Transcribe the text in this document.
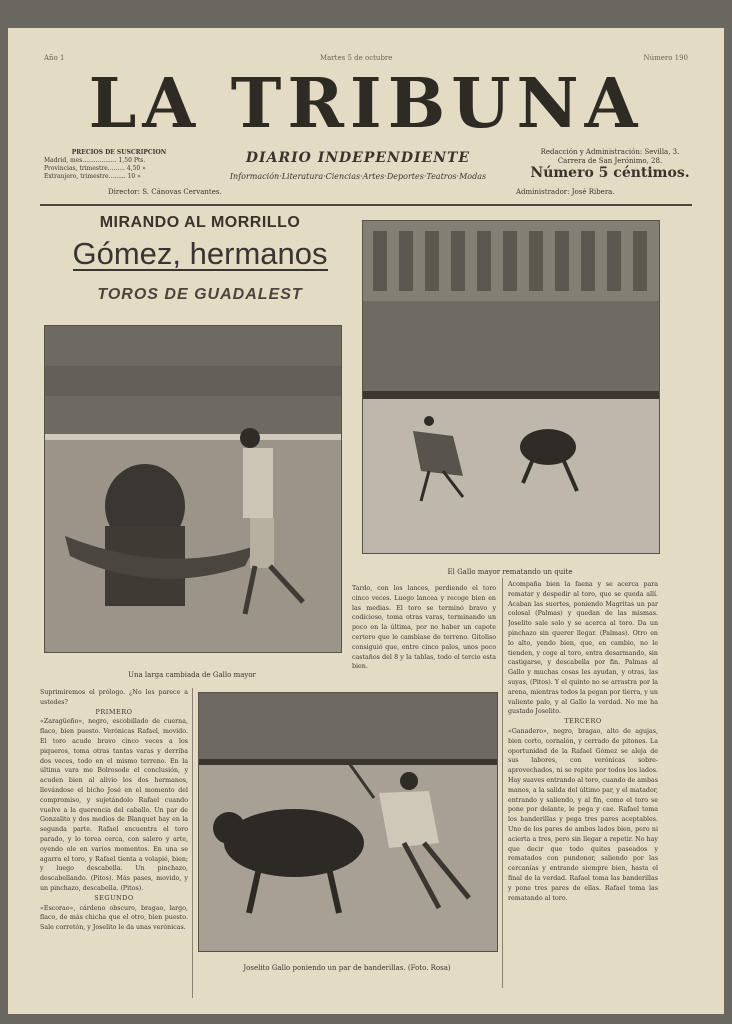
Año 1	Martes 5 de octubre	Número 190
LA TRIBUNA
PRECIOS DE SUSCRIPCION
Madrid, mes.................. 1,50 Pts.
Provincias, trimestre......... 4,50 »
Extranjero, trimestre......... 10 »
DIARIO INDEPENDIENTE
Información·Literatura·Ciencias·Artes·Deportes·Teatros·Modas
Redacción y Administración: Sevilla, 3.
Carrera de San Jerónimo, 28.
Número 5 céntimos.
Director: S. Cánovas Cervantes.	Administrador: José Ribera.
MIRANDO AL MORRILLO
Gómez, hermanos
TOROS DE GUADALEST
Una larga cambiada de Gallo mayor
El Gallo mayor rematando un quite
Joselito Gallo poniendo un par de banderillas. (Foto. Rosa)
Suprimiremos el prólogo. ¿No les parece a ustedes?
PRIMERO
«Zaragüeño», negro, escobillado de cuerna, flaco, bien puesto. Verónicas Rafael, movido. El toro acude bravo cinco veces a los piqueros, toma otras tantas varas y derriba dos veces, todo en el mismo terreno. En la última vara me Bolrosode el conclusión, y acuden bien al alivio los dos hermanos, llevándose el bicho José en el momento del compromiso, y sujetándolo Rafael cuando vuelve a la querencia del caballo. Un par de Gonzalito y dos medios de Blanquet hay en la segunda parte. Rafael encuentra el toro parado, y lo torea cerca, con salero y arte, oyendo ole en varios momentos. En una se agarra el toro, y Rafael tienta a volapié, bien; y luego descabella. Un pinchazo, descabellando. (Pitos). Más pases, movido, y un pinchazo, descabella. (Pitos).
SEGUNDO
«Escorao», cárdeno obscuro, bragao, largo, flaco, de más chicha que el otro, bien puesto. Sale corretón, y Joselito le da unas verónicas.
Tardo, con los lances, perdiendo el toro cinco veces. Luego lancea y recoge bien en las medias. El toro se terminó bravo y codicioso, toma otras varas, terminando un poco en la última, por no haber un capote certero que le cambiase de terreno. Gitoliso consiguió que, entre cinco palos, unos poco castaños del 8 y la tablas, todo el tercio esta bien.
Acompaña bien la faena y se acerca para rematar y despedir al toro, que se queda allí. Acaban las suertes, poniendo Magritas un par colosal (Palmas) y quedan de las mismas. Joselito sale solo y se acerca al toro. Da un pinchazo sin querer llegar. (Palmas). Otro en lo alto, yendo bien, que, en cambio, no le tienden, y coge al toro, entra desarmando, sin castigarse, y descabella por fin. Palmas al Gallo y muchas cosas les ayudan, y otras, las suyas, (Pitos). Y el quinto no se arrastra por la arena, mientras todos la pegan por tierra, y un valiente palo, y al Gallo la verdad. No me ha gustado Joselito.
TERCERO
«Ganadero», negro, bragao, alto de agujas, bien corto, cornalón, y cerrado de pitones. La oportunidad de la Rafael Gómez se aleja de sus labores, con verónicas sobre-aprovechados, ni se repite por todos los lados. Hay suaves entrando al toro, cuando de ambas manos, a la salida del último par, y el matador, entrando y saliendo, y al fin, como el toro se pone por delante, le pega y cae. Rafael toma los banderillas y pega tres pares aceptables. Uno de los pares de ambos lados bien, pero ni acierta a tres, pero sin llegar a repetir. No hay que decir que todo quites paseados y rematados con pundonor, saliendo por las cercanías y entrando siempre bien, hasta el final de la verdad. Rafael toma las banderillas y pone tres pares de ellas. Rafael toma las rematando al toro.
